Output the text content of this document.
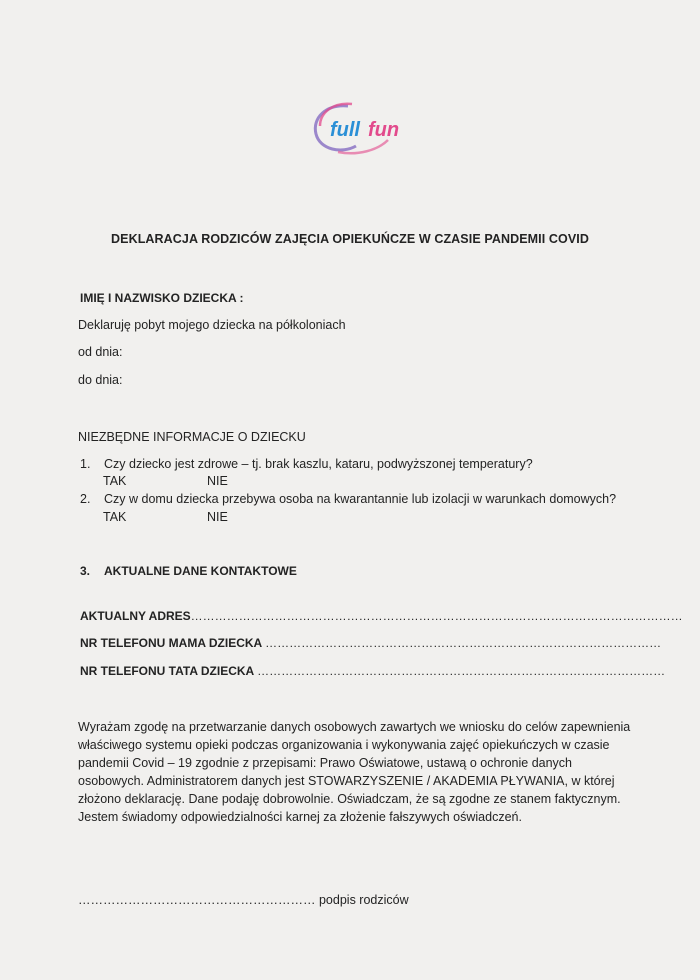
full fun
DEKLARACJA RODZICÓW ZAJĘCIA OPIEKUŃCZE W CZASIE PANDEMII COVID
IMIĘ I NAZWISKO DZIECKA :
Deklaruję pobyt mojego dziecka na półkoloniach
od dnia:
do dnia:
NIEZBĘDNE INFORMACJE O DZIECKU
1. Czy dziecko jest zdrowe – tj. brak kaszlu, kataru, podwyższonej temperatury?
TAK	NIE
2. Czy w domu dziecka przebywa osoba na kwarantannie lub izolacji w warunkach domowych?
TAK	NIE
3. AKTUALNE DANE KONTAKTOWE
AKTUALNY ADRES……………………………………………………………………………………………………………
NR TELEFONU MAMA DZIECKA ………………………………………………………………………………………
NR TELEFONU TATA DZIECKA …………………………………………………………………………………………
Wyrażam zgodę na przetwarzanie danych osobowych zawartych we wniosku do celów zapewnienia właściwego systemu opieki podczas organizowania i wykonywania zajęć opiekuńczych w czasie pandemii Covid – 19 zgodnie z przepisami: Prawo Oświatowe, ustawą o ochronie danych osobowych. Administratorem danych jest STOWARZYSZENIE / AKADEMIA PŁYWANIA, w której złożono deklarację. Dane podaję dobrowolnie. Oświadczam, że są zgodne ze stanem faktycznym. Jestem świadomy odpowiedzialności karnej za złożenie fałszywych oświadczeń.
………………………………………………… podpis rodziców
